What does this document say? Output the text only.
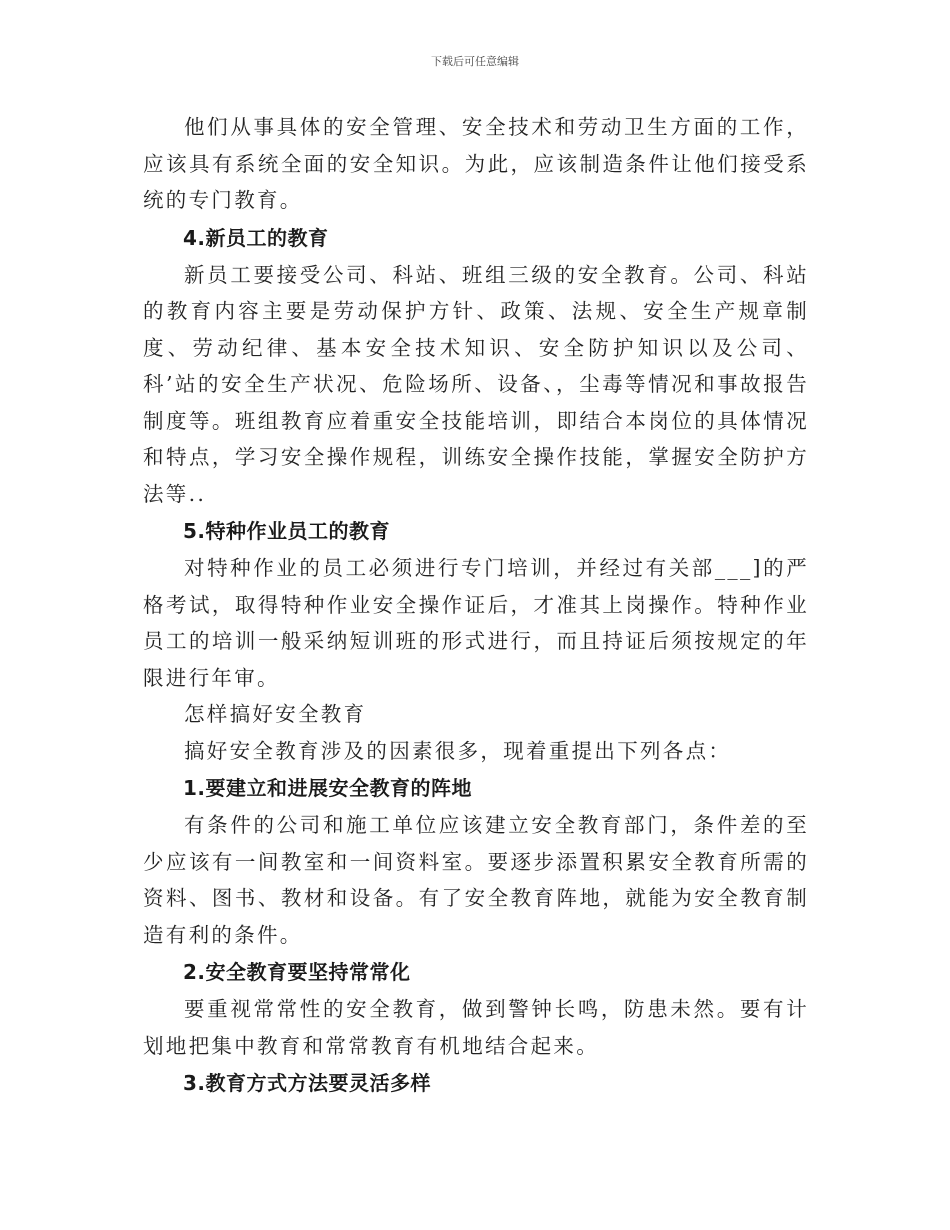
下载后可任意编辑

他们从事具体的安全管理、安全技术和劳动卫生方面的工作，应该具有系统全面的安全知识。为此，应该制造条件让他们接受系统的专门教育。

4.新员工的教育

新员工要接受公司、科站、班组三级的安全教育。公司、科站的教育内容主要是劳动保护方针、政策、法规、安全生产规章制度、劳动纪律、基本安全技术知识、安全防护知识以及公司、科’站的安全生产状况、危险场所、设备、，尘毒等情况和事故报告制度等。班组教育应着重安全技能培训，即结合本岗位的具体情况和特点，学习安全操作规程，训练安全操作技能，掌握安全防护方法等..

5.特种作业员工的教育

对特种作业的员工必须进行专门培训，并经过有关部___]的严格考试，取得特种作业安全操作证后，才准其上岗操作。特种作业员工的培训一般采纳短训班的形式进行，而且持证后须按规定的年限进行年审。

怎样搞好安全教育

搞好安全教育涉及的因素很多，现着重提出下列各点：

1.要建立和进展安全教育的阵地

有条件的公司和施工单位应该建立安全教育部门，条件差的至少应该有一间教室和一间资料室。要逐步添置积累安全教育所需的资料、图书、教材和设备。有了安全教育阵地，就能为安全教育制造有利的条件。

2.安全教育要坚持常常化

要重视常常性的安全教育，做到警钟长鸣，防患未然。要有计划地把集中教育和常常教育有机地结合起来。

3.教育方式方法要灵活多样
